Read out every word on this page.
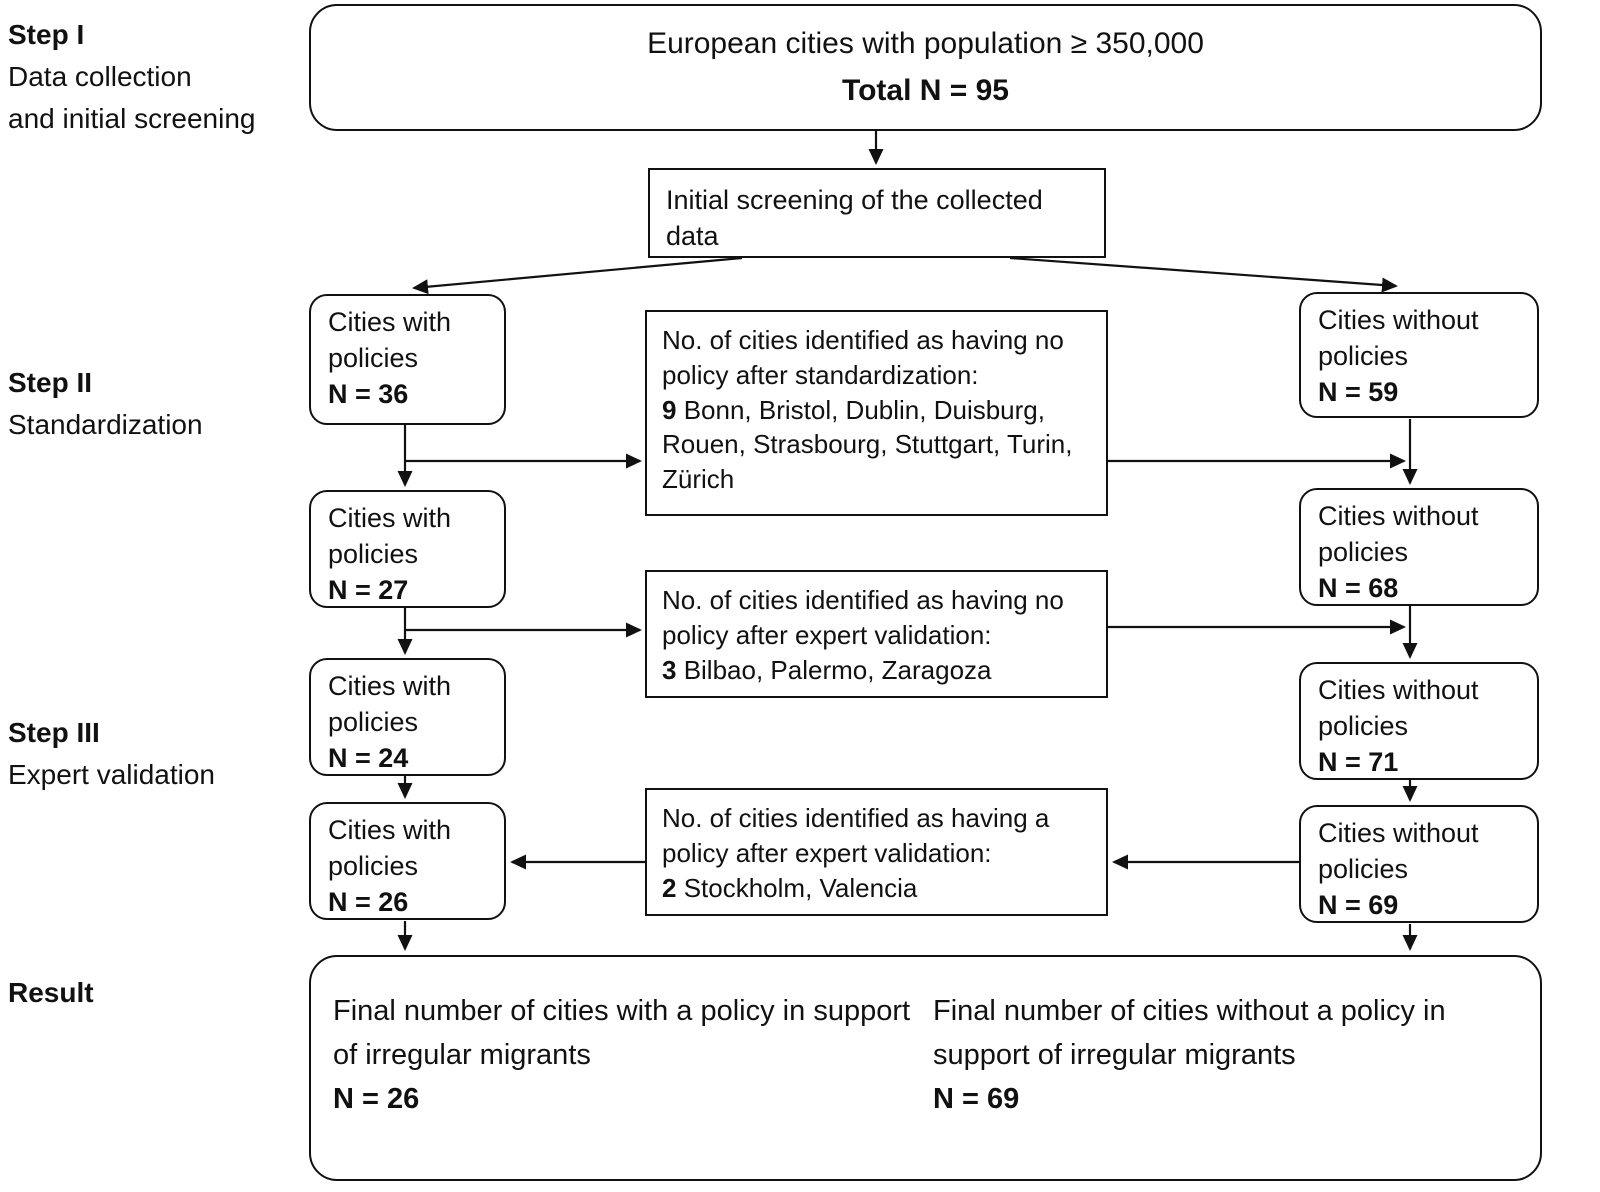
Step I
Data collection
and initial screening
Step II
Standardization
Step III
Expert validation
Result
European cities with population ≥ 350,000
Total N = 95
Initial screening of the collected data
Cities with policies
N = 36
No. of cities identified as having no policy after standardization:
9 Bonn, Bristol, Dublin, Duisburg, Rouen, Strasbourg, Stuttgart, Turin, Zürich
Cities without policies
N = 59
Cities with policies
N = 27
Cities without policies
N = 68
No. of cities identified as having no policy after expert validation:
3 Bilbao, Palermo, Zaragoza
Cities with policies
N = 24
Cities without policies
N = 71
Cities with policies
N = 26
No. of cities identified as having a policy after expert validation:
2 Stockholm, Valencia
Cities without policies
N = 69
Final number of cities with a policy in support of irregular migrants
N = 26
Final number of cities without a policy in support of irregular migrants
N = 69
